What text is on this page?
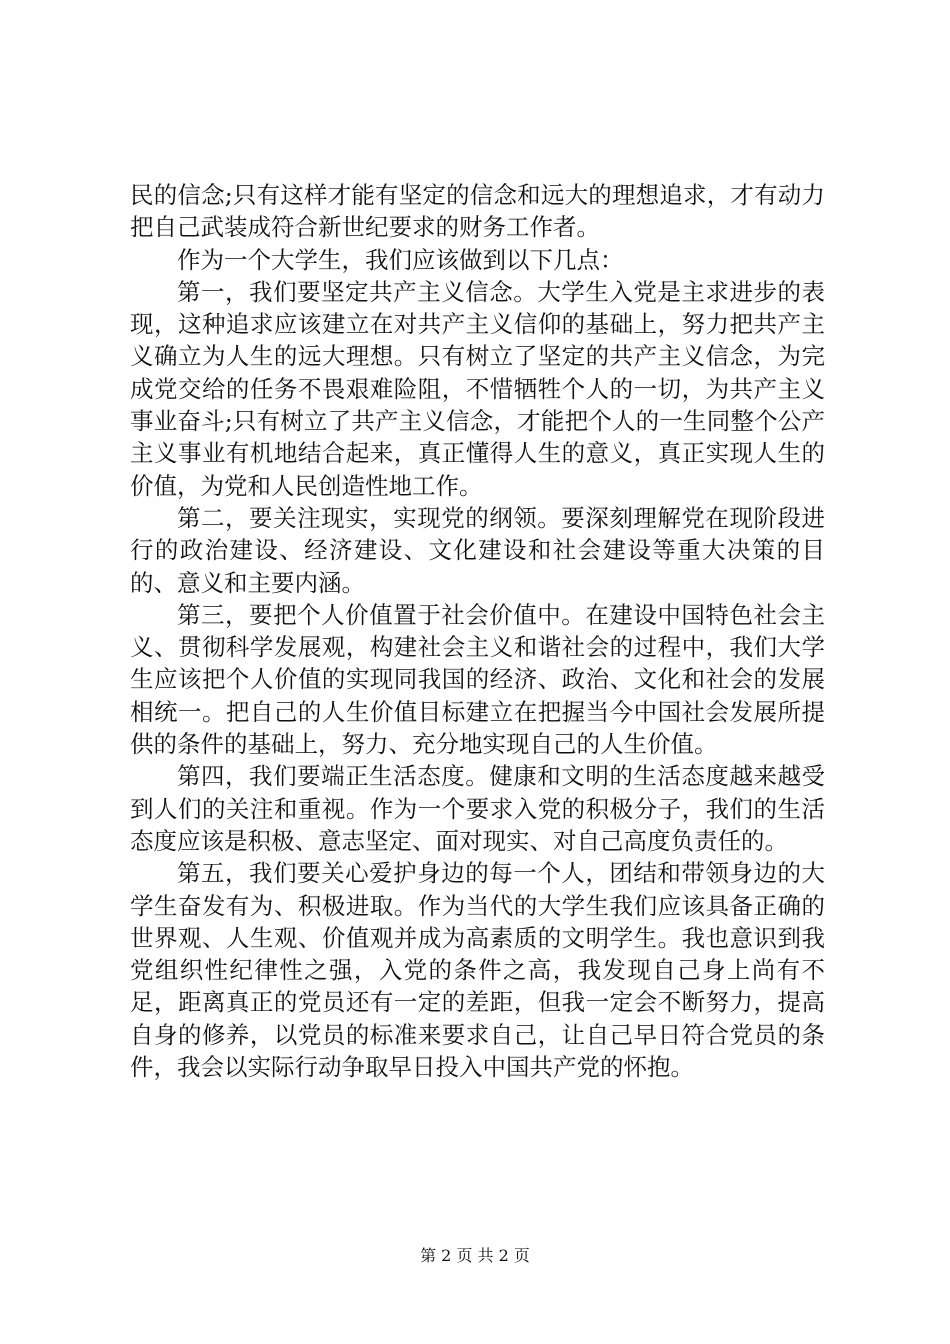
民的信念;只有这样才能有坚定的信念和远大的理想追求，才有动力把自己武装成符合新世纪要求的财务工作者。

作为一个大学生，我们应该做到以下几点：

第一，我们要坚定共产主义信念。大学生入党是主求进步的表现，这种追求应该建立在对共产主义信仰的基础上，努力把共产主义确立为人生的远大理想。只有树立了坚定的共产主义信念，为完成党交给的任务不畏艰难险阻，不惜牺牲个人的一切，为共产主义事业奋斗;只有树立了共产主义信念，才能把个人的一生同整个公产主义事业有机地结合起来，真正懂得人生的意义，真正实现人生的价值，为党和人民创造性地工作。

第二，要关注现实，实现党的纲领。要深刻理解党在现阶段进行的政治建设、经济建设、文化建设和社会建设等重大决策的目的、意义和主要内涵。

第三，要把个人价值置于社会价值中。在建设中国特色社会主义、贯彻科学发展观，构建社会主义和谐社会的过程中，我们大学生应该把个人价值的实现同我国的经济、政治、文化和社会的发展相统一。把自己的人生价值目标建立在把握当今中国社会发展所提供的条件的基础上，努力、充分地实现自己的人生价值。

第四，我们要端正生活态度。健康和文明的生活态度越来越受到人们的关注和重视。作为一个要求入党的积极分子，我们的生活态度应该是积极、意志坚定、面对现实、对自己高度负责任的。

第五，我们要关心爱护身边的每一个人，团结和带领身边的大学生奋发有为、积极进取。作为当代的大学生我们应该具备正确的世界观、人生观、价值观并成为高素质的文明学生。我也意识到我党组织性纪律性之强，入党的条件之高，我发现自己身上尚有不足，距离真正的党员还有一定的差距，但我一定会不断努力，提高自身的修养，以党员的标准来要求自己，让自己早日符合党员的条件，我会以实际行动争取早日投入中国共产党的怀抱。

第 2 页 共 2 页
